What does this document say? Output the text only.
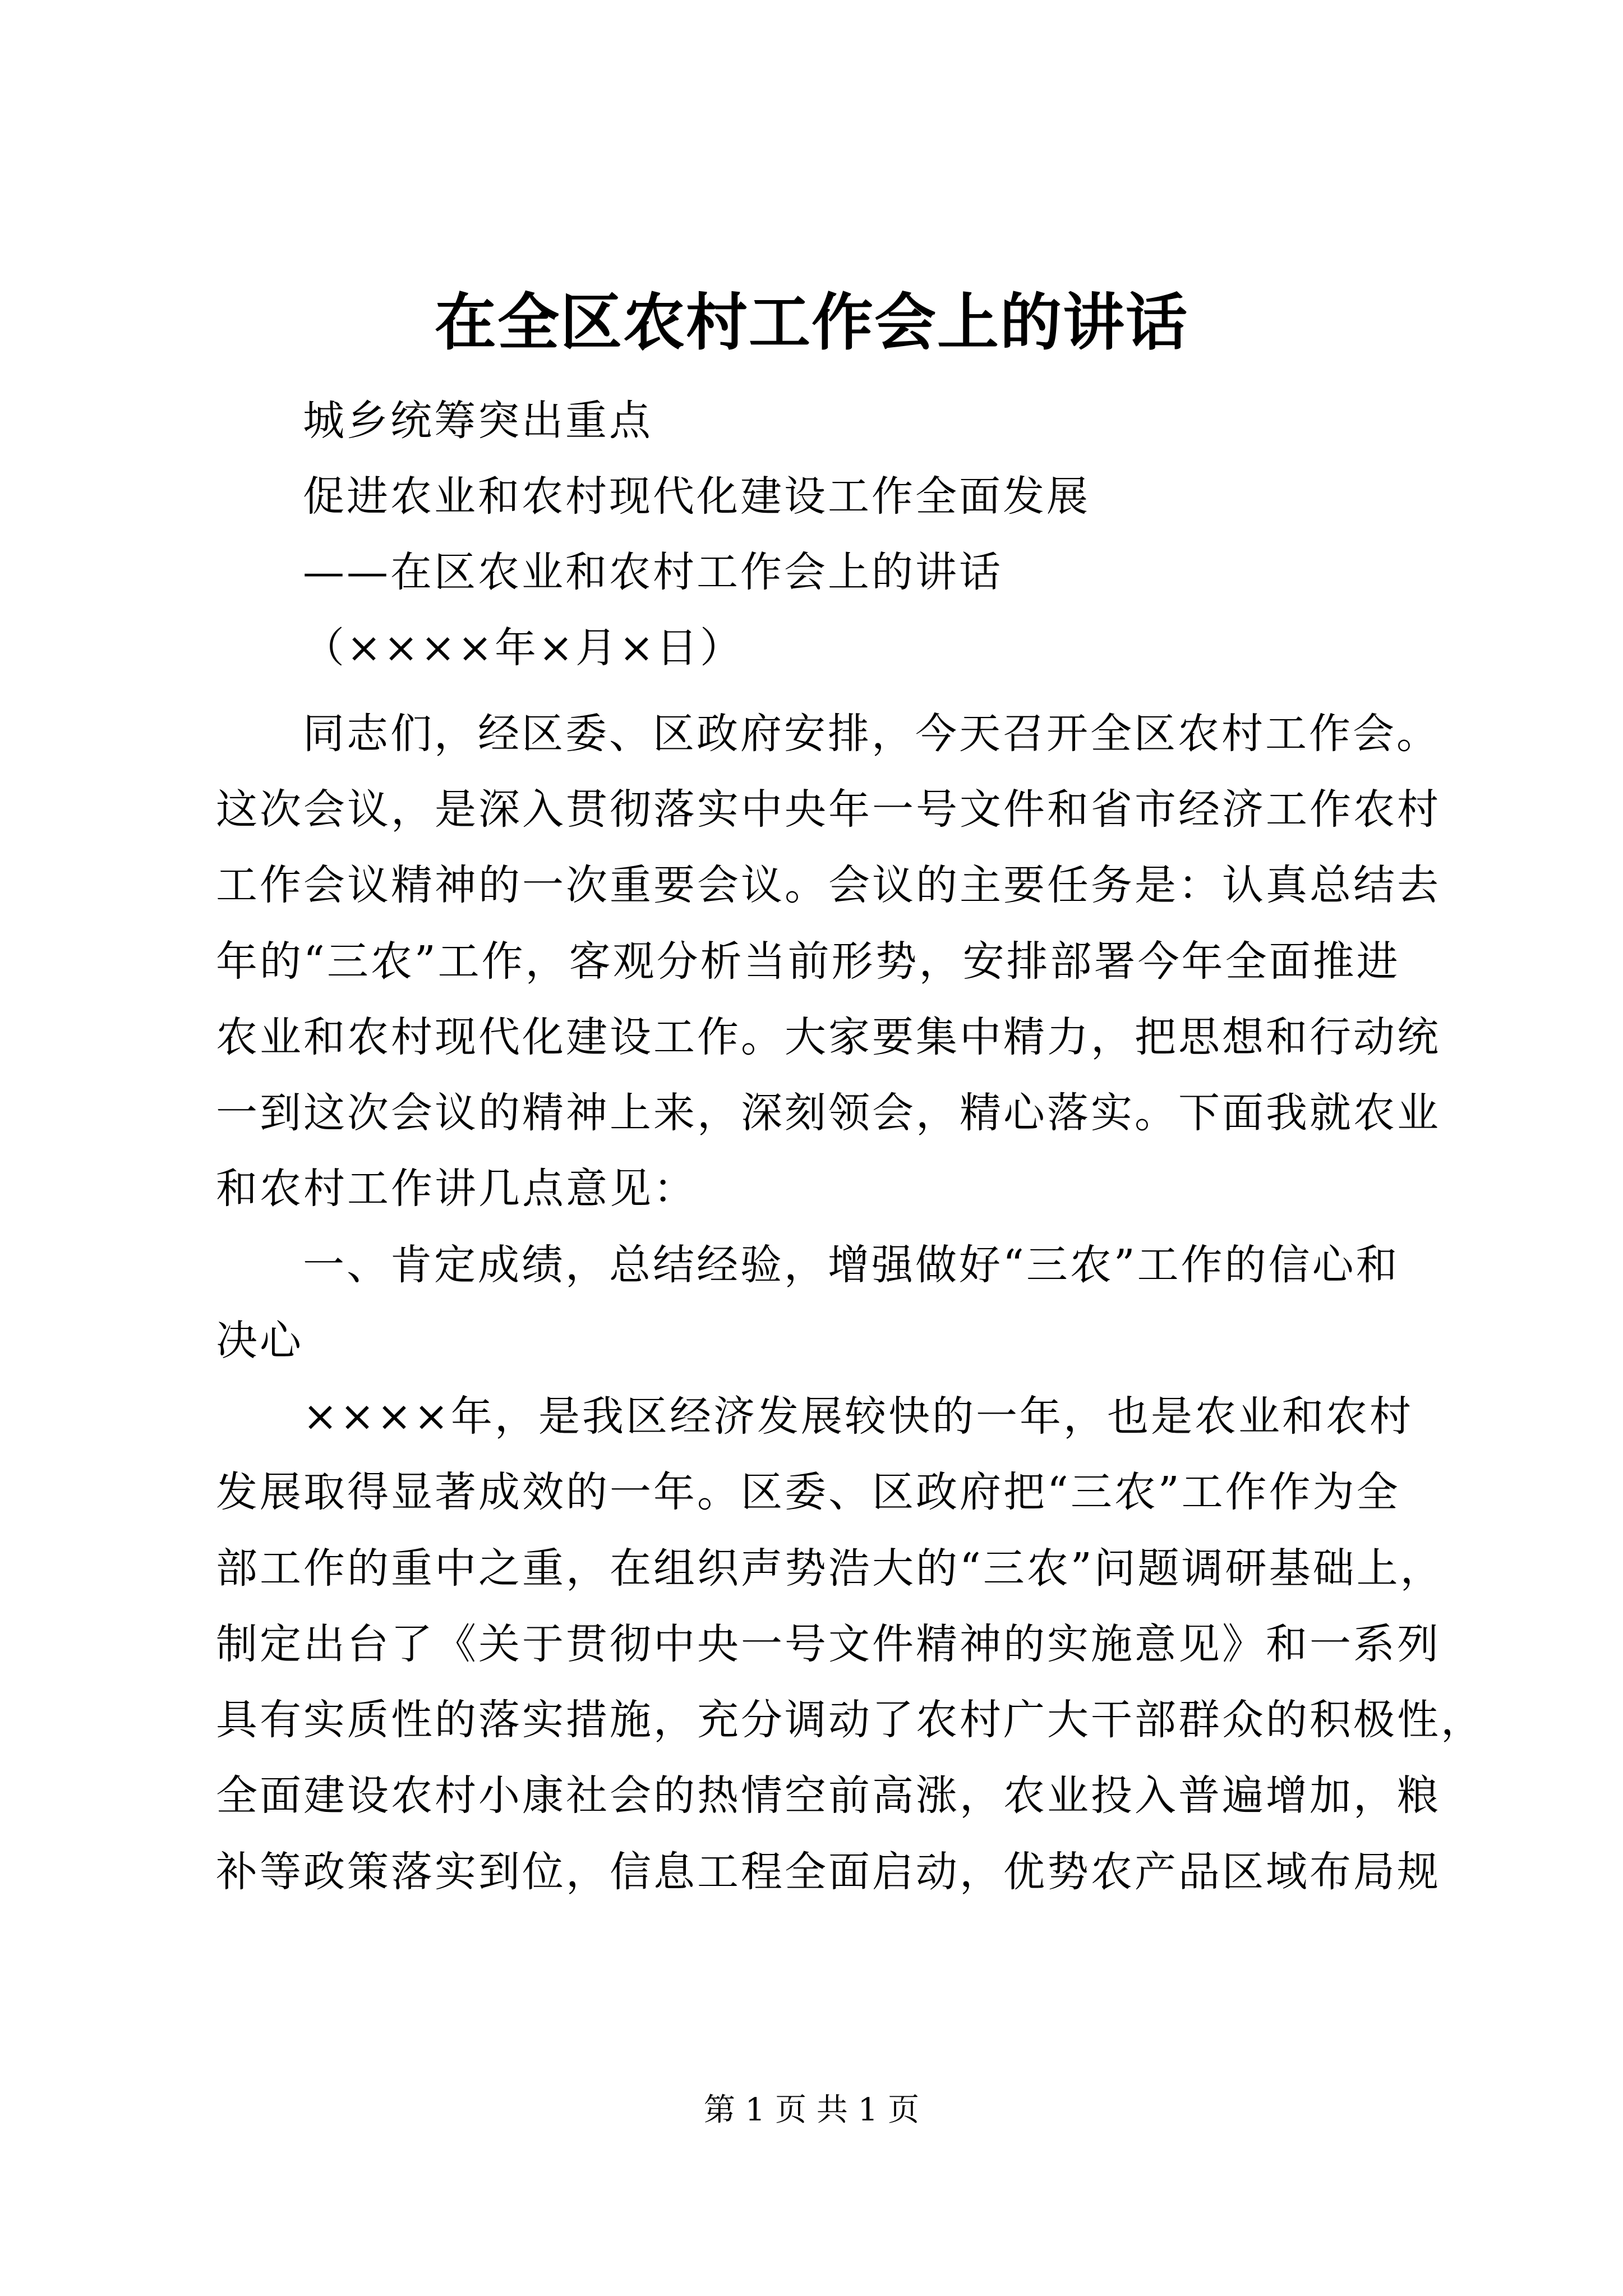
在全区农村工作会上的讲话

城乡统筹突出重点

促进农业和农村现代化建设工作全面发展

——在区农业和农村工作会上的讲话

（××××年×月×日）

同志们，经区委、区政府安排，今天召开全区农村工作会。

这次会议，是深入贯彻落实中央年一号文件和省市经济工作农村

工作会议精神的一次重要会议。会议的主要任务是：认真总结去

年的“三农”工作，客观分析当前形势，安排部署今年全面推进

农业和农村现代化建设工作。大家要集中精力，把思想和行动统

一到这次会议的精神上来，深刻领会，精心落实。下面我就农业

和农村工作讲几点意见：

一、肯定成绩，总结经验，增强做好“三农”工作的信心和

决心

××××年，是我区经济发展较快的一年，也是农业和农村

发展取得显著成效的一年。区委、区政府把“三农”工作作为全

部工作的重中之重，在组织声势浩大的“三农”问题调研基础上，

制定出台了《关于贯彻中央一号文件精神的实施意见》和一系列

具有实质性的落实措施，充分调动了农村广大干部群众的积极性，

全面建设农村小康社会的热情空前高涨，农业投入普遍增加，粮

补等政策落实到位，信息工程全面启动，优势农产品区域布局规

第 1 页 共 1 页
